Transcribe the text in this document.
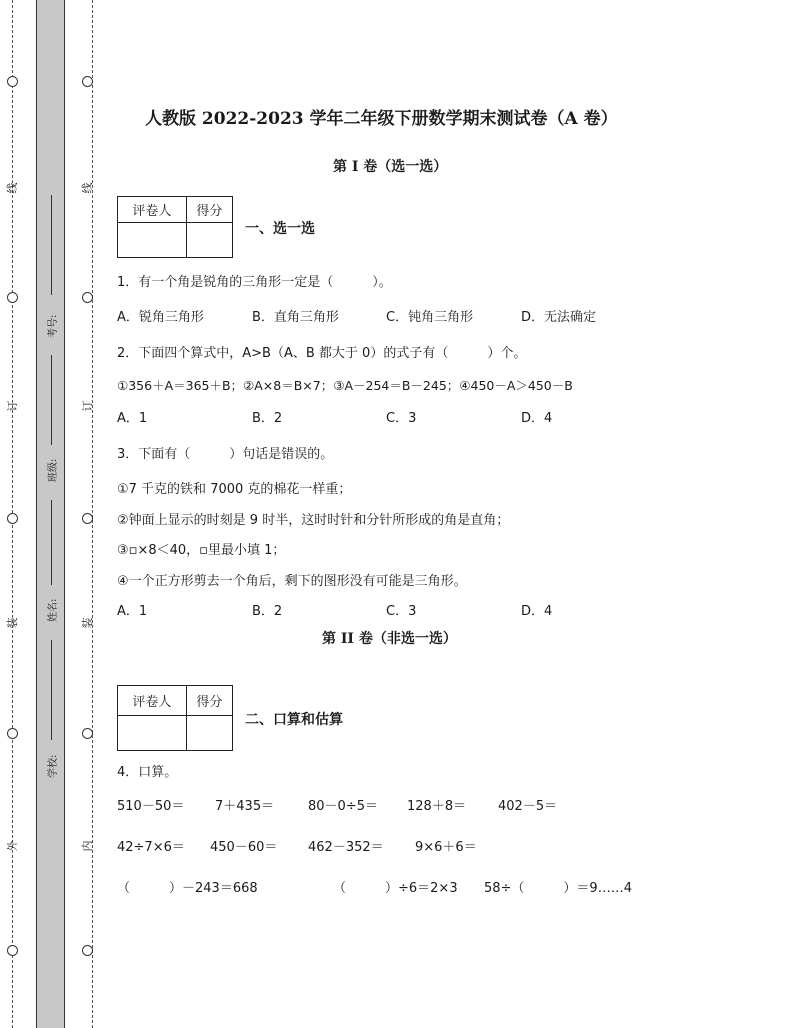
线
订
装
外
线
订
装
内
考号:
班级:
姓名:
学校:
人教版 2022-2023 学年二年级下册数学期末测试卷（A 卷）
第 I 卷（选一选）
评卷人	得分

一、选一选
1．有一个角是锐角的三角形一定是（　　　）。
A．锐角三角形	B．直角三角形	C．钝角三角形	D．无法确定
2．下面四个算式中，A>B（A、B 都大于 0）的式子有（　　　）个。
①356＋A＝365＋B；②A×8＝B×7；③A－254＝B－245；④450－A＞450－B
A．1	B．2	C．3	D．4
3．下面有（　　　）句话是错误的。
①7 千克的铁和 7000 克的棉花一样重；
②钟面上显示的时刻是 9 时半，这时时针和分针所形成的角是直角；
③▫×8＜40，▫里最小填 1；
④一个正方形剪去一个角后，剩下的图形没有可能是三角形。
A．1	B．2	C．3	D．4
第 II 卷（非选一选）
评卷人	得分

二、口算和估算
4．口算。
510－50＝ 7＋435＝	80－0÷5＝ 128＋8＝ 402－5＝
42÷7×6＝ 450－60＝ 462－352＝ 9×6＋6＝
（　　　）－243＝668	（　　　）÷6＝2×3 58÷（　　　）＝9……4
